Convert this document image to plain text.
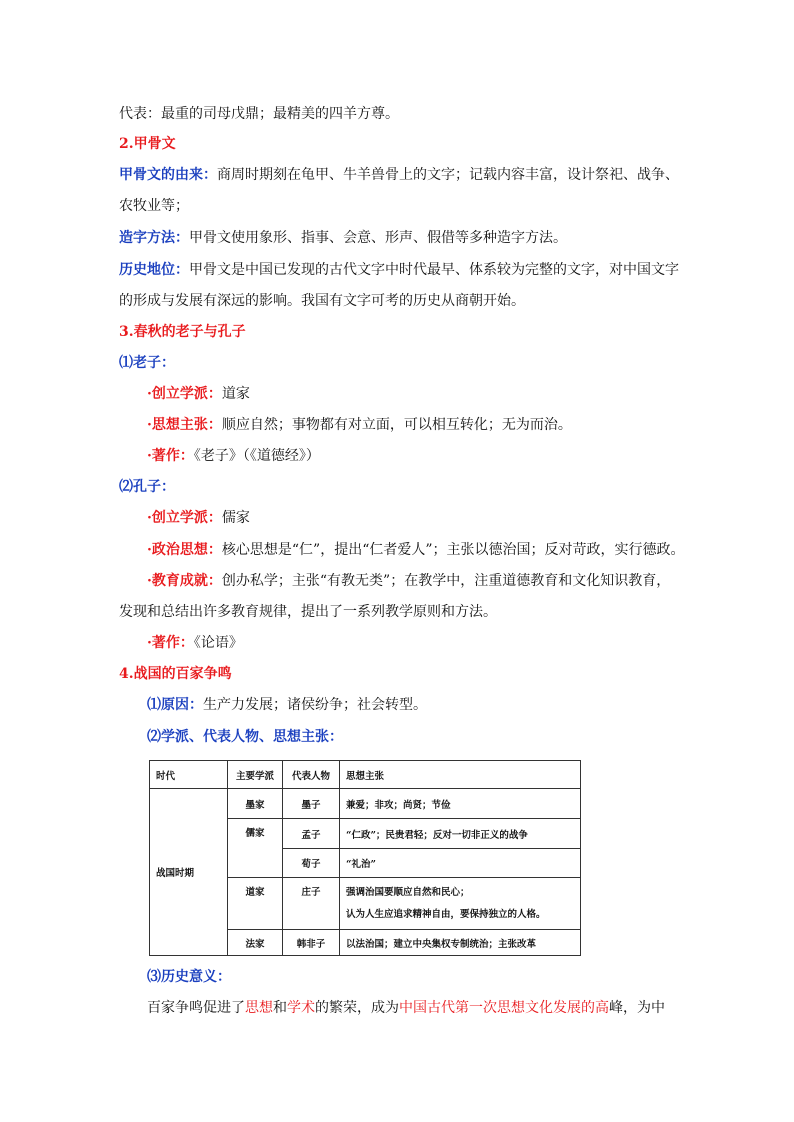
代表：最重的司母戊鼎；最精美的四羊方尊。
2.甲骨文
甲骨文的由来：商周时期刻在龟甲、牛羊兽骨上的文字；记载内容丰富，设计祭祀、战争、
农牧业等；
造字方法：甲骨文使用象形、指事、会意、形声、假借等多种造字方法。
历史地位：甲骨文是中国已发现的古代文字中时代最早、体系较为完整的文字，对中国文字
的形成与发展有深远的影响。我国有文字可考的历史从商朝开始。
3.春秋的老子与孔子
⑴老子：
·创立学派：道家
·思想主张：顺应自然；事物都有对立面，可以相互转化；无为而治。
·著作：《老子》（《道德经》）
⑵孔子：
·创立学派：儒家
·政治思想：核心思想是“仁”，提出“仁者爱人”；主张以德治国；反对苛政，实行德政。
·教育成就：创办私学；主张“有教无类”；在教学中，注重道德教育和文化知识教育，
发现和总结出许多教育规律，提出了一系列教学原则和方法。
·著作：《论语》
4.战国的百家争鸣
⑴原因：生产力发展；诸侯纷争；社会转型。
⑵学派、代表人物、思想主张：
时代	主要学派	代表人物	思想主张
战国时期	墨家	墨子	兼爱；非攻；尚贤；节俭
	儒家	孟子	“仁政”；民贵君轻；反对一切非正义的战争
		荀子	“礼治”
	道家	庄子	强调治国要顺应自然和民心；
认为人生应追求精神自由，要保持独立的人格。

	法家	韩非子	以法治国；建立中央集权专制统治；主张改革
⑶历史意义：
百家争鸣促进了思想和学术的繁荣，成为中国古代第一次思想文化发展的高峰，为中
